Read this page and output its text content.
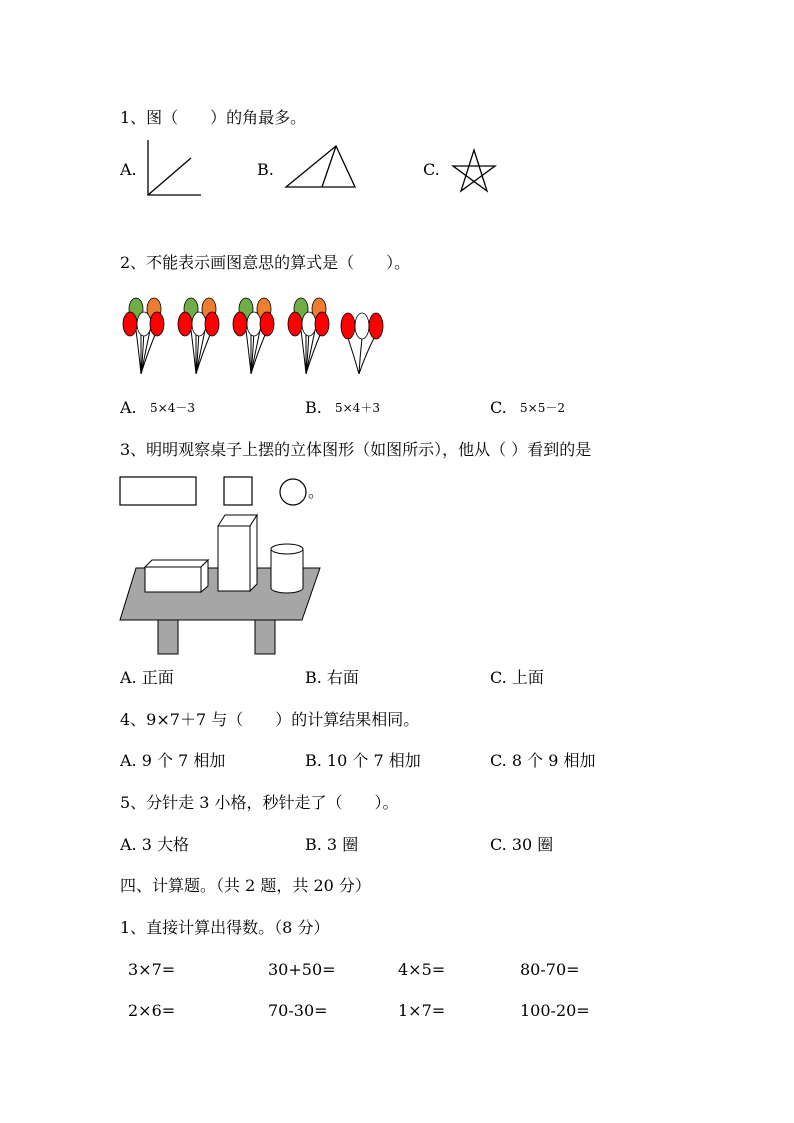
1、图（　　）的角最多。
A.	B.	C.
2、不能表示画图意思的算式是（　　）。
A. 5×4－3	B. 5×4＋3	C. 5×5－2
3、明明观察桌子上摆的立体图形（如图所示），他从（ ）看到的是
。
A. 正面	B. 右面	C. 上面
4、9×7＋7 与（　　）的计算结果相同。
A. 9 个 7 相加	B. 10 个 7 相加	C. 8 个 9 相加
5、分针走 3 小格，秒针走了（　　）。
A. 3 大格	B. 3 圈	C. 30 圈
四、计算题。（共 2 题，共 20 分）
1、直接计算出得数。（8 分）
3×7=	30+50=	4×5=	80-70=
2×6=	70-30=	1×7=	100-20=
